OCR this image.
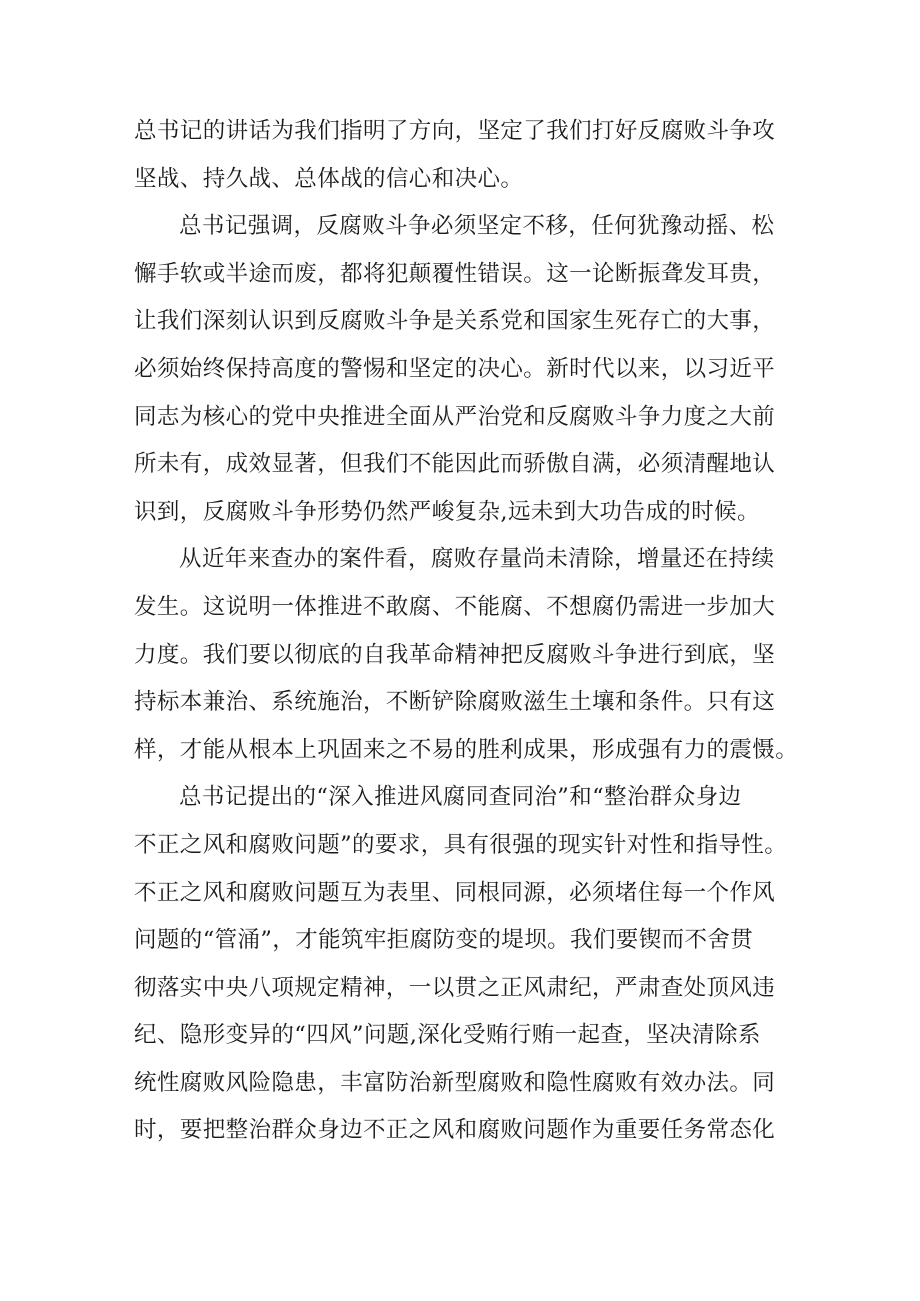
总书记的讲话为我们指明了方向，坚定了我们打好反腐败斗争攻
坚战、持久战、总体战的信心和决心。
总书记强调，反腐败斗争必须坚定不移，任何犹豫动摇、松
懈手软或半途而废，都将犯颠覆性错误。这一论断振聋发耳贵，
让我们深刻认识到反腐败斗争是关系党和国家生死存亡的大事，
必须始终保持高度的警惕和坚定的决心。新时代以来，以习近平
同志为核心的党中央推进全面从严治党和反腐败斗争力度之大前
所未有，成效显著，但我们不能因此而骄傲自满，必须清醒地认
识到，反腐败斗争形势仍然严峻复杂,远未到大功告成的时候。
从近年来查办的案件看，腐败存量尚未清除，增量还在持续
发生。这说明一体推进不敢腐、不能腐、不想腐仍需进一步加大
力度。我们要以彻底的自我革命精神把反腐败斗争进行到底，坚
持标本兼治、系统施治，不断铲除腐败滋生土壤和条件。只有这
样，才能从根本上巩固来之不易的胜利成果，形成强有力的震慑。
总书记提出的“深入推进风腐同查同治”和“整治群众身边
不正之风和腐败问题”的要求，具有很强的现实针对性和指导性。
不正之风和腐败问题互为表里、同根同源，必须堵住每一个作风
问题的“管涌”，才能筑牢拒腐防变的堤坝。我们要锲而不舍贯
彻落实中央八项规定精神，一以贯之正风肃纪，严肃查处顶风违
纪、隐形变异的“四风”问题,深化受贿行贿一起查，坚决清除系
统性腐败风险隐患，丰富防治新型腐败和隐性腐败有效办法。同
时，要把整治群众身边不正之风和腐败问题作为重要任务常态化
